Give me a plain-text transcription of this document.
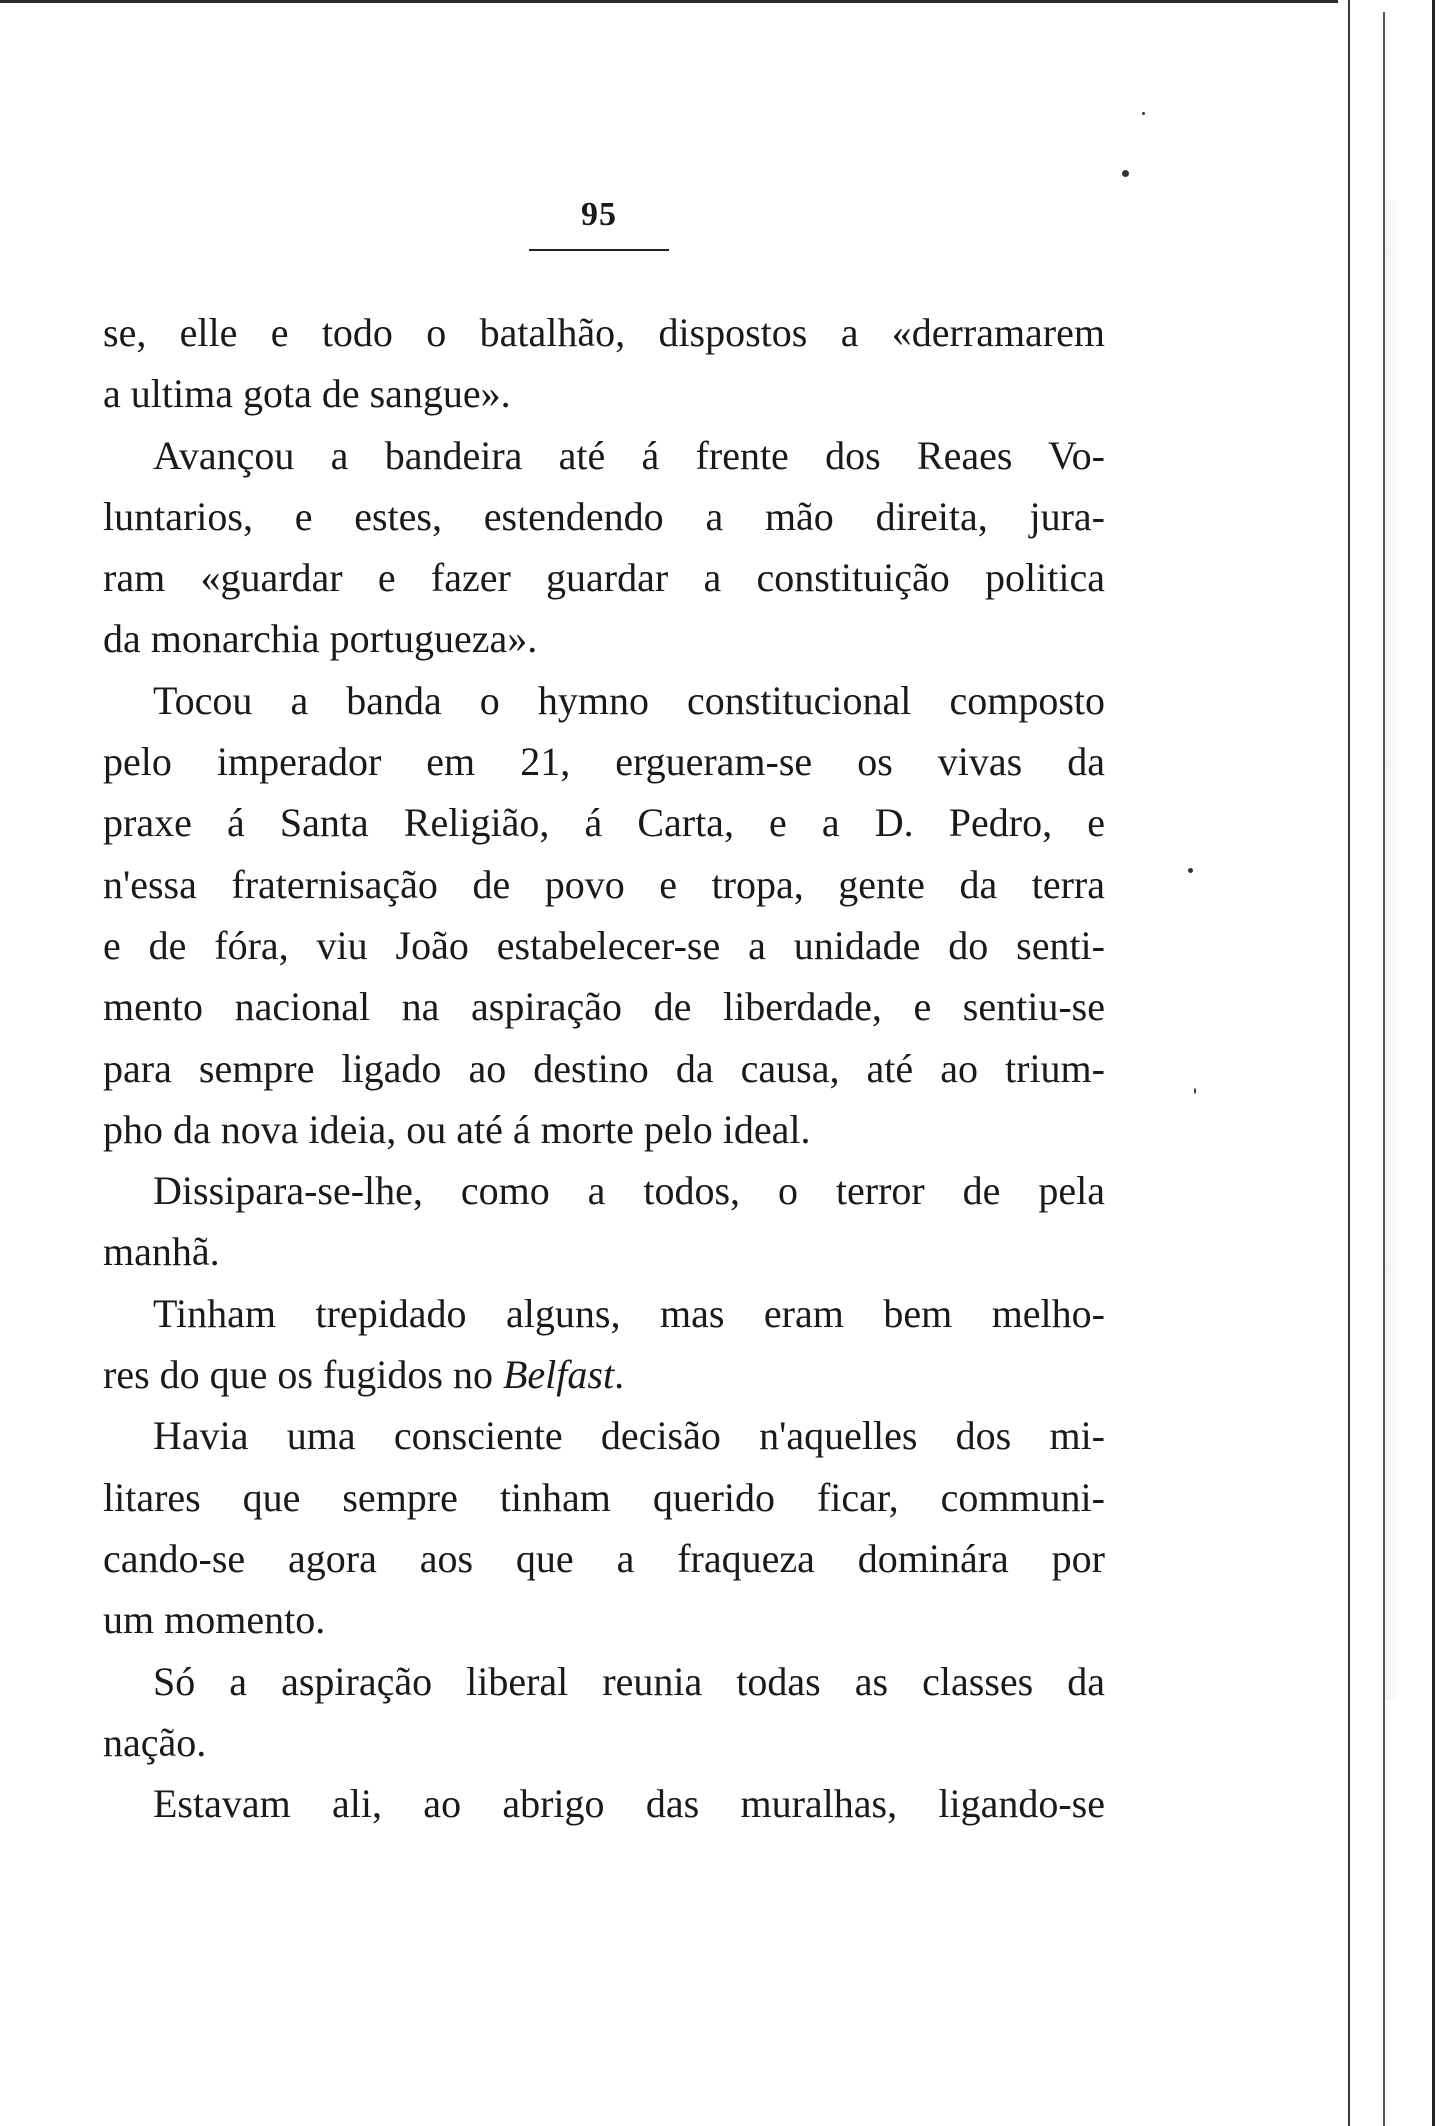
95
se, elle e todo o batalhão, dispostos a «derramarem
a ultima gota de sangue».
Avançou a bandeira até á frente dos Reaes Vo-
luntarios, e estes, estendendo a mão direita, jura-
ram «guardar e fazer guardar a constituição politica
da monarchia portugueza».
Tocou a banda o hymno constitucional composto
pelo imperador em 21, ergueram-se os vivas da
praxe á Santa Religião, á Carta, e a D. Pedro, e
n'essa fraternisação de povo e tropa, gente da terra
e de fóra, viu João estabelecer-se a unidade do senti-
mento nacional na aspiração de liberdade, e sentiu-se
para sempre ligado ao destino da causa, até ao trium-
pho da nova ideia, ou até á morte pelo ideal.
Dissipara-se-lhe, como a todos, o terror de pela
manhã.
Tinham trepidado alguns, mas eram bem melho-
res do que os fugidos no Belfast.
Havia uma consciente decisão n'aquelles dos mi-
litares que sempre tinham querido ficar, communi-
cando-se agora aos que a fraqueza dominára por
um momento.
Só a aspiração liberal reunia todas as classes da
nação.
Estavam ali, ao abrigo das muralhas, ligando-se
